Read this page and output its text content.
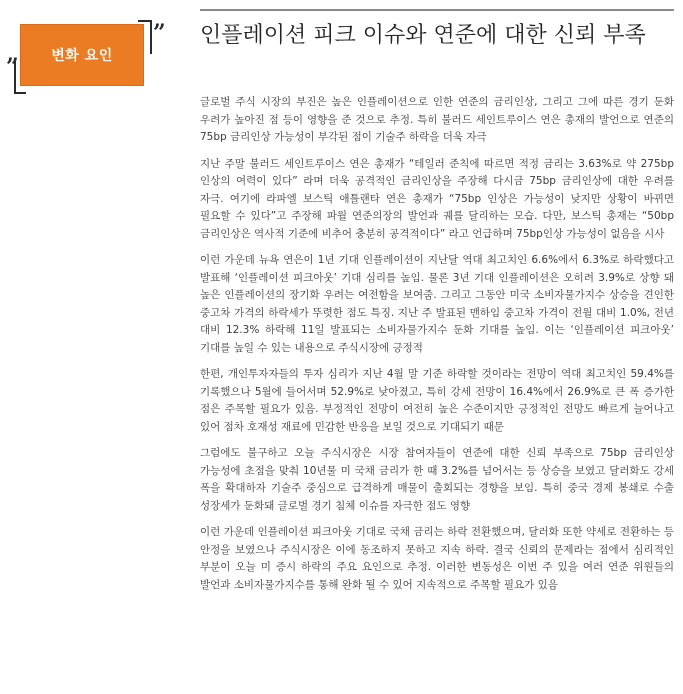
변화 요인
”
”
인플레이션 피크 이슈와 연준에 대한 신뢰 부족

글로벌 주식 시장의 부진은 높은 인플레이션으로 인한 연준의 금리인상, 그리고 그에 따른 경기 둔화 우려가 높아진 점 등이 영향을 준 것으로 추정. 특히 불러드 세인트루이스 연은 총재의 발언으로 연준의 75bp 금리인상 가능성이 부각된 점이 기술주 하락을 더욱 자극

지난 주말 불러드 세인트루이스 연은 총재가 “테일러 준칙에 따르면 적정 금리는 3.63%로 약 275bp 인상의 여력이 있다” 라며 더욱 공격적인 금리인상을 주장해 다시금 75bp 금리인상에 대한 우려를 자극. 여기에 라파엘 보스틱 애틀랜타 연은 총재가 “75bp 인상은 가능성이 낮지만 상황이 바뀌면 필요할 수 있다”고 주장해 파월 연준의장의 발언과 궤를 달리하는 모습. 다만, 보스틱 총재는 “50bp 금리인상은 역사적 기준에 비추어 충분히 공격적이다” 라고 언급하며 75bp인상 가능성이 없음을 시사

이런 가운데 뉴욕 연은이 1년 기대 인플레이션이 지난달 역대 최고치인 6.6%에서 6.3%로 하락했다고 발표해 ‘인플레이션 피크아웃’ 기대 심리를 높임. 물론 3년 기대 인플레이션은 오히려 3.9%로 상향 돼 높은 인플레이션의 장기화 우려는 여전함을 보여줌. 그리고 그동안 미국 소비자물가지수 상승을 견인한 중고차 가격의 하락세가 뚜렷한 점도 특징. 지난 주 발표된 맨하임 중고차 가격이 전월 대비 1.0%, 전년 대비 12.3% 하락해 11일 발표되는 소비자물가지수 둔화 기대를 높임. 이는 ‘인플레이션 피크아웃’ 기대를 높일 수 있는 내용으로 주식시장에 긍정적

한편, 개인투자자들의 투자 심리가 지난 4월 말 기준 하락할 것이라는 전망이 역대 최고치인 59.4%를 기록했으나 5월에 들어서며 52.9%로 낮아졌고, 특히 강세 전망이 16.4%에서 26.9%로 큰 폭 증가한 점은 주목할 필요가 있음. 부정적인 전망이 여전히 높은 수준이지만 긍정적인 전망도 빠르게 늘어나고 있어 점차 호재성 재료에 민감한 반응을 보일 것으로 기대되기 때문

그럼에도 불구하고 오늘 주식시장은 시장 참여자들이 연준에 대한 신뢰 부족으로 75bp 금리인상 가능성에 초점을 맞춰 10년물 미 국채 금리가 한 때 3.2%를 넘어서는 등 상승을 보였고 달러화도 강세 폭을 확대하자 기술주 중심으로 급격하게 매물이 출회되는 경향을 보임. 특히 중국 경제 봉쇄로 수출 성장세가 둔화돼 글로벌 경기 침체 이슈를 자극한 점도 영향

이런 가운데 인플레이션 피크아웃 기대로 국채 금리는 하락 전환했으며, 달러화 또한 약세로 전환하는 등 안정을 보였으나 주식시장은 이에 동조하지 못하고 지속 하락. 결국 신뢰의 문제라는 점에서 심리적인 부분이 오늘 미 증시 하락의 주요 요인으로 추정. 이러한 변동성은 이번 주 있을 여러 연준 위원들의 발언과 소비자물가지수를 통해 완화 될 수 있어 지속적으로 주목할 필요가 있음
